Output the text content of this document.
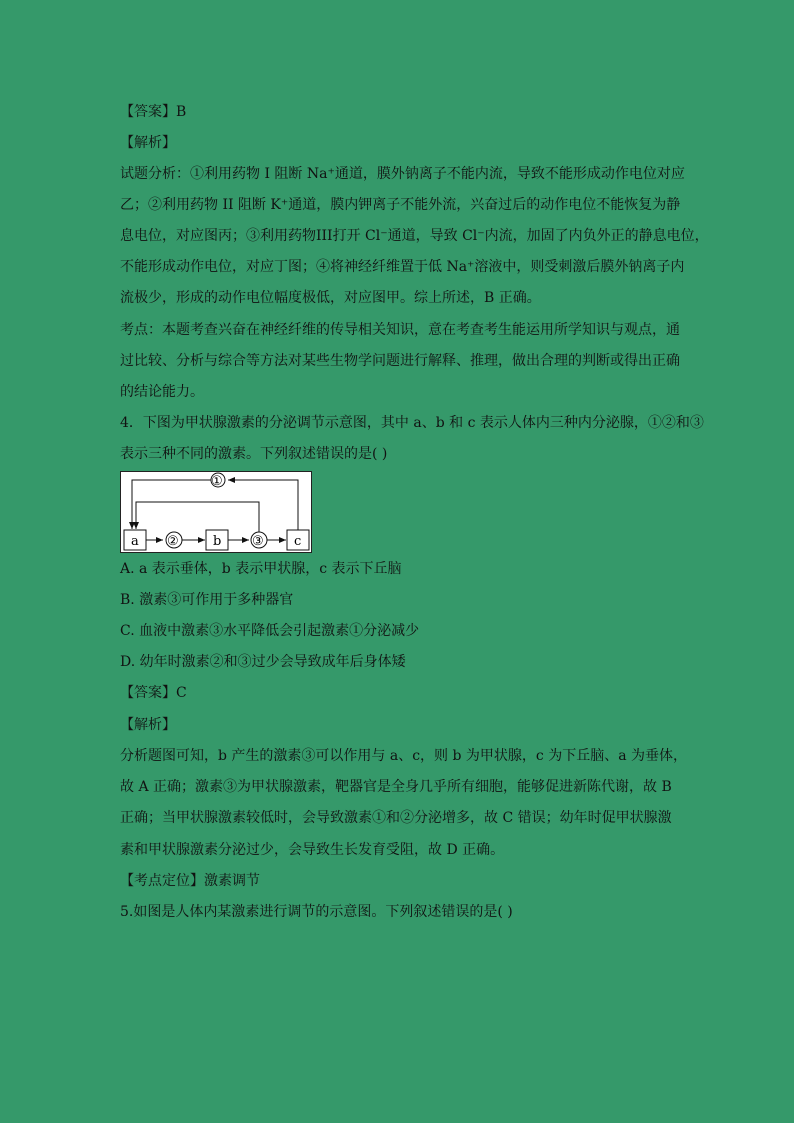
【答案】B
【解析】
试题分析：①利用药物 I 阻断 Na⁺通道，膜外钠离子不能内流，导致不能形成动作电位对应
乙；②利用药物 II 阻断 K⁺通道，膜内钾离子不能外流，兴奋过后的动作电位不能恢复为静
息电位，对应图丙；③利用药物III打开 Cl⁻通道，导致 Cl⁻内流，加固了内负外正的静息电位，
不能形成动作电位，对应丁图；④将神经纤维置于低 Na⁺溶液中，则受刺激后膜外钠离子内
流极少，形成的动作电位幅度极低，对应图甲。综上所述，B 正确。
考点：本题考查兴奋在神经纤维的传导相关知识，意在考查考生能运用所学知识与观点，通
过比较、分析与综合等方法对某些生物学问题进行解释、推理，做出合理的判断或得出正确
的结论能力。
4．下图为甲状腺激素的分泌调节示意图，其中 a、b 和 c 表示人体内三种内分泌腺，①②和③
表示三种不同的激素。下列叙述错误的是( )
a	b	c
②	③
①
A. a 表示垂体，b 表示甲状腺，c 表示下丘脑
B. 激素③可作用于多种器官
C. 血液中激素③水平降低会引起激素①分泌减少
D. 幼年时激素②和③过少会导致成年后身体矮
【答案】C
【解析】
分析题图可知，b 产生的激素③可以作用与 a、c，则 b 为甲状腺，c 为下丘脑、a 为垂体，
故 A 正确；激素③为甲状腺激素，靶器官是全身几乎所有细胞，能够促进新陈代谢，故 B
正确；当甲状腺激素较低时，会导致激素①和②分泌增多，故 C 错误；幼年时促甲状腺激
素和甲状腺激素分泌过少，会导致生长发育受阻，故 D 正确。
【考点定位】激素调节
5.如图是人体内某激素进行调节的示意图。下列叙述错误的是( )
